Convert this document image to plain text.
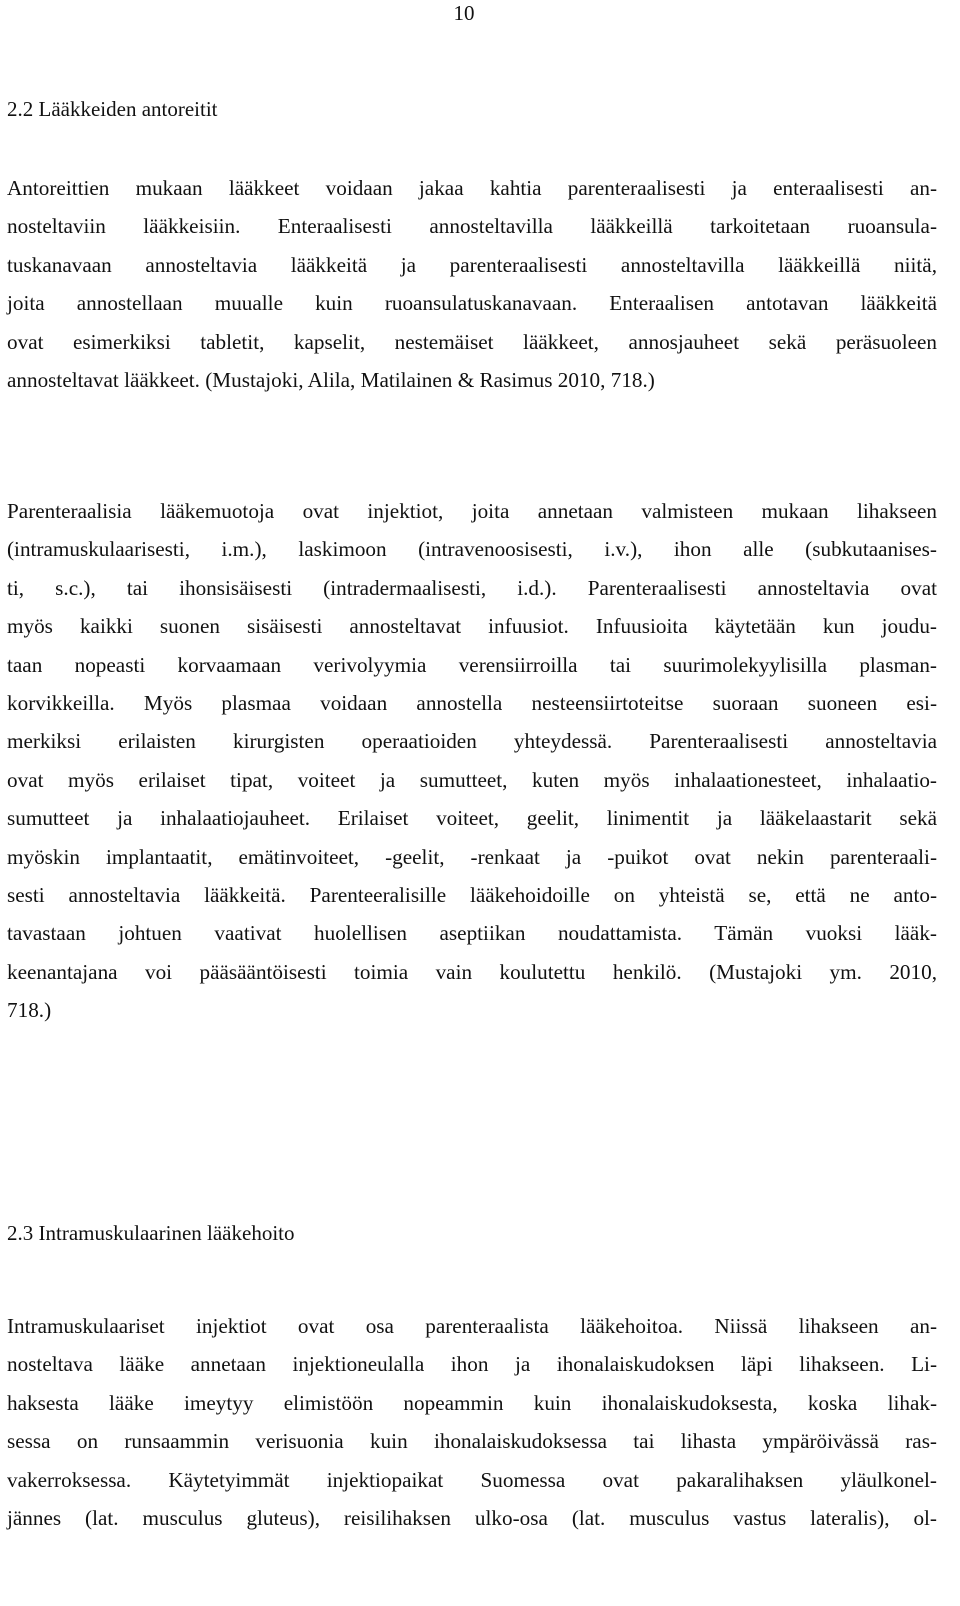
10
2.2 Lääkkeiden antoreitit
Antoreittien mukaan lääkkeet voidaan jakaa kahtia parenteraalisesti ja enteraalisesti an-
nosteltaviin lääkkeisiin. Enteraalisesti annosteltavilla lääkkeillä tarkoitetaan ruoansula-
tuskanavaan annosteltavia lääkkeitä ja parenteraalisesti annosteltavilla lääkkeillä niitä,
joita annostellaan muualle kuin ruoansulatuskanavaan. Enteraalisen antotavan lääkkeitä
ovat esimerkiksi tabletit, kapselit, nestemäiset lääkkeet, annosjauheet sekä peräsuoleen
annosteltavat lääkkeet. (Mustajoki, Alila, Matilainen & Rasimus 2010, 718.)
Parenteraalisia lääkemuotoja ovat injektiot, joita annetaan valmisteen mukaan lihakseen
(intramuskulaarisesti, i.m.), laskimoon (intravenoosisesti, i.v.), ihon alle (subkutaanises-
ti, s.c.), tai ihonsisäisesti (intradermaalisesti, i.d.). Parenteraalisesti annosteltavia ovat
myös kaikki suonen sisäisesti annosteltavat infuusiot. Infuusioita käytetään kun joudu-
taan nopeasti korvaamaan verivolyymia verensiirroilla tai suurimolekyylisilla plasman-
korvikkeilla. Myös plasmaa voidaan annostella nesteensiirtoteitse suoraan suoneen esi-
merkiksi erilaisten kirurgisten operaatioiden yhteydessä. Parenteraalisesti annosteltavia
ovat myös erilaiset tipat, voiteet ja sumutteet, kuten myös inhalaationesteet, inhalaatio-
sumutteet ja inhalaatiojauheet. Erilaiset voiteet, geelit, linimentit ja lääkelaastarit sekä
myöskin implantaatit, emätinvoiteet, -geelit, -renkaat ja -puikot ovat nekin parenteraali-
sesti annosteltavia lääkkeitä. Parenteeralisille lääkehoidoille on yhteistä se, että ne anto-
tavastaan johtuen vaativat huolellisen aseptiikan noudattamista. Tämän vuoksi lääk-
keenantajana voi pääsääntöisesti toimia vain koulutettu henkilö. (Mustajoki ym. 2010,
718.)
2.3 Intramuskulaarinen lääkehoito
Intramuskulaariset injektiot ovat osa parenteraalista lääkehoitoa. Niissä lihakseen an-
nosteltava lääke annetaan injektioneulalla ihon ja ihonalaiskudoksen läpi lihakseen. Li-
haksesta lääke imeytyy elimistöön nopeammin kuin ihonalaiskudoksesta, koska lihak-
sessa on runsaammin verisuonia kuin ihonalaiskudoksessa tai lihasta ympäröivässä ras-
vakerroksessa. Käytetyimmät injektiopaikat Suomessa ovat pakaralihaksen yläulkonel-
jännes (lat. musculus gluteus), reisilihaksen ulko-osa (lat. musculus vastus lateralis), ol-
